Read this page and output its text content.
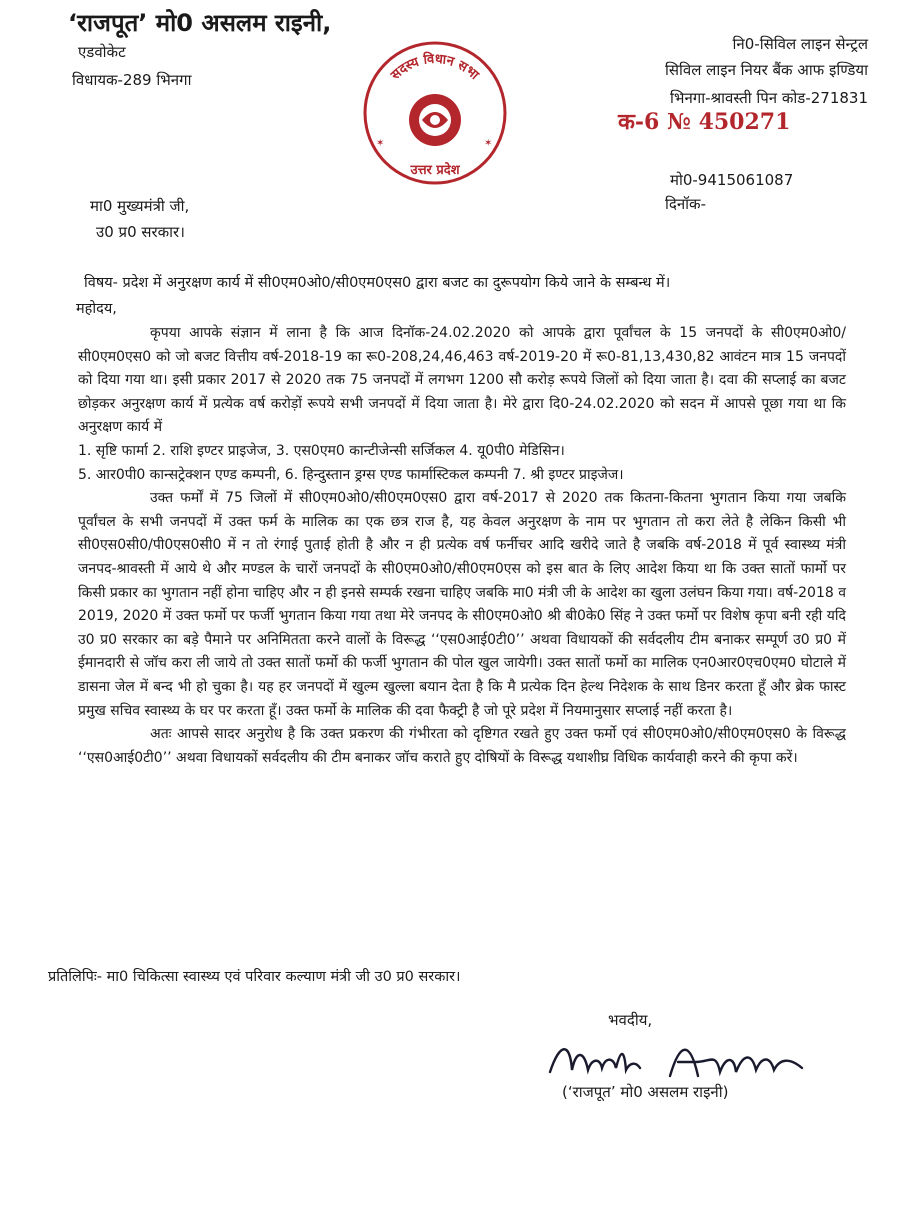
‘राजपूत’ मो0 असलम राइनी,
एडवोकेट
विधायक-289 भिनगा	सदस्य विधान सभा
उत्तर प्रदेश
✶	✶
नि0-सिविल लाइन सेन्ट्रल
सिविल लाइन नियर बैंक आफ इण्डिया
भिनगा-श्रावस्ती पिन कोड-271831
क-6 № 450271
मो0-9415061087
दिनॉक-
मा0 मुख्यमंत्री जी,
उ0 प्र0 सरकार।
विषय- प्रदेश में अनुरक्षण कार्य में सी0एम0ओ0/सी0एम0एस0 द्वारा बजट का दुरूपयोग किये जाने के सम्बन्ध में।
महोदय,

कृपया आपके संज्ञान में लाना है कि आज दिनॉक-24.02.2020 को आपके द्वारा पूर्वांचल के 15 जनपदों के सी0एम0ओ0/सी0एम0एस0 को जो बजट वित्तीय वर्ष-2018-19 का रू0-208,24,46,463 वर्ष-2019-20 में रू0-81,13,430,82 आवंटन मात्र 15 जनपदों को दिया गया था। इसी प्रकार 2017 से 2020 तक 75 जनपदों में लगभग 1200 सौ करोड़ रूपये जिलों को दिया जाता है। दवा की सप्लाई का बजट छोड़कर अनुरक्षण कार्य में प्रत्येक वर्ष करोड़ों रूपये सभी जनपदों में दिया जाता है। मेरे द्वारा दि0-24.02.2020 को सदन में आपसे पूछा गया था कि अनुरक्षण कार्य में

1. सृष्टि फार्मा 2. राशि इण्टर प्राइजेज, 3. एस0एम0 कान्टीजेन्सी सर्जिकल 4. यू0पी0 मेडिसिन।

5. आर0पी0 कान्सट्रेक्शन एण्ड कम्पनी, 6. हिन्दुस्तान ड्रग्स एण्ड फार्मास्टिकल कम्पनी 7. श्री इण्टर प्राइजेज।

उक्त फर्मों में 75 जिलों में सी0एम0ओ0/सी0एम0एस0 द्वारा वर्ष-2017 से 2020 तक कितना-कितना भुगतान किया गया जबकि पूर्वांचल के सभी जनपदों में उक्त फर्म के मालिक का एक छत्र राज है, यह केवल अनुरक्षण के नाम पर भुगतान तो करा लेते है लेकिन किसी भी सी0एस0सी0/पी0एस0सी0 में न तो रंगाई पुताई होती है और न ही प्रत्येक वर्ष फर्नीचर आदि खरीदे जाते है जबकि वर्ष-2018 में पूर्व स्वास्थ्य मंत्री जनपद-श्रावस्ती में आये थे और मण्डल के चारों जनपदों के सी0एम0ओ0/सी0एम0एस को इस बात के लिए आदेश किया था कि उक्त सातों फार्मो पर किसी प्रकार का भुगतान नहीं होना चाहिए और न ही इनसे सम्पर्क रखना चाहिए जबकि मा0 मंत्री जी के आदेश का खुला उलंघन किया गया। वर्ष-2018 व 2019, 2020 में उक्त फर्मो पर फर्जी भुगतान किया गया तथा मेरे जनपद के सी0एम0ओ0 श्री बी0के0 सिंह ने उक्त फर्मो पर विशेष कृपा बनी रही यदि उ0 प्र0 सरकार का बड़े पैमाने पर अनिमितता करने वालों के विरूद्ध ‘‘एस0आई0टी0’’ अथवा विधायकों की सर्वदलीय टीम बनाकर सम्पूर्ण उ0 प्र0 में ईमानदारी से जॉच करा ली जाये तो उक्त सातों फर्मो की फर्जी भुगतान की पोल खुल जायेगी। उक्त सातों फर्मो का मालिक एन0आर0एच0एम0 घोटाले में डासना जेल में बन्द भी हो चुका है। यह हर जनपदों में खुल्म खुल्ला बयान देता है कि मै प्रत्येक दिन हेल्थ निदेशक के साथ डिनर करता हूँ और ब्रेक फास्ट प्रमुख सचिव स्वास्थ्य के घर पर करता हूँ। उक्त फर्मो के मालिक की दवा फैक्ट्री है जो पूरे प्रदेश में नियमानुसार सप्लाई नहीं करता है।

अतः आपसे सादर अनुरोध है कि उक्त प्रकरण की गंभीरता को दृष्टिगत रखते हुए उक्त फर्मो एवं सी0एम0ओ0/सी0एम0एस0 के विरूद्ध ‘‘एस0आई0टी0’’ अथवा विधायकों सर्वदलीय की टीम बनाकर जॉच कराते हुए दोषियों के विरूद्ध यथाशीघ्र विधिक कार्यवाही करने की कृपा करें।

प्रतिलिपिः- मा0 चिकित्सा स्वास्थ्य एवं परिवार कल्याण मंत्री जी उ0 प्र0 सरकार।
भवदीय,
(‘राजपूत’ मो0 असलम राइनी)
